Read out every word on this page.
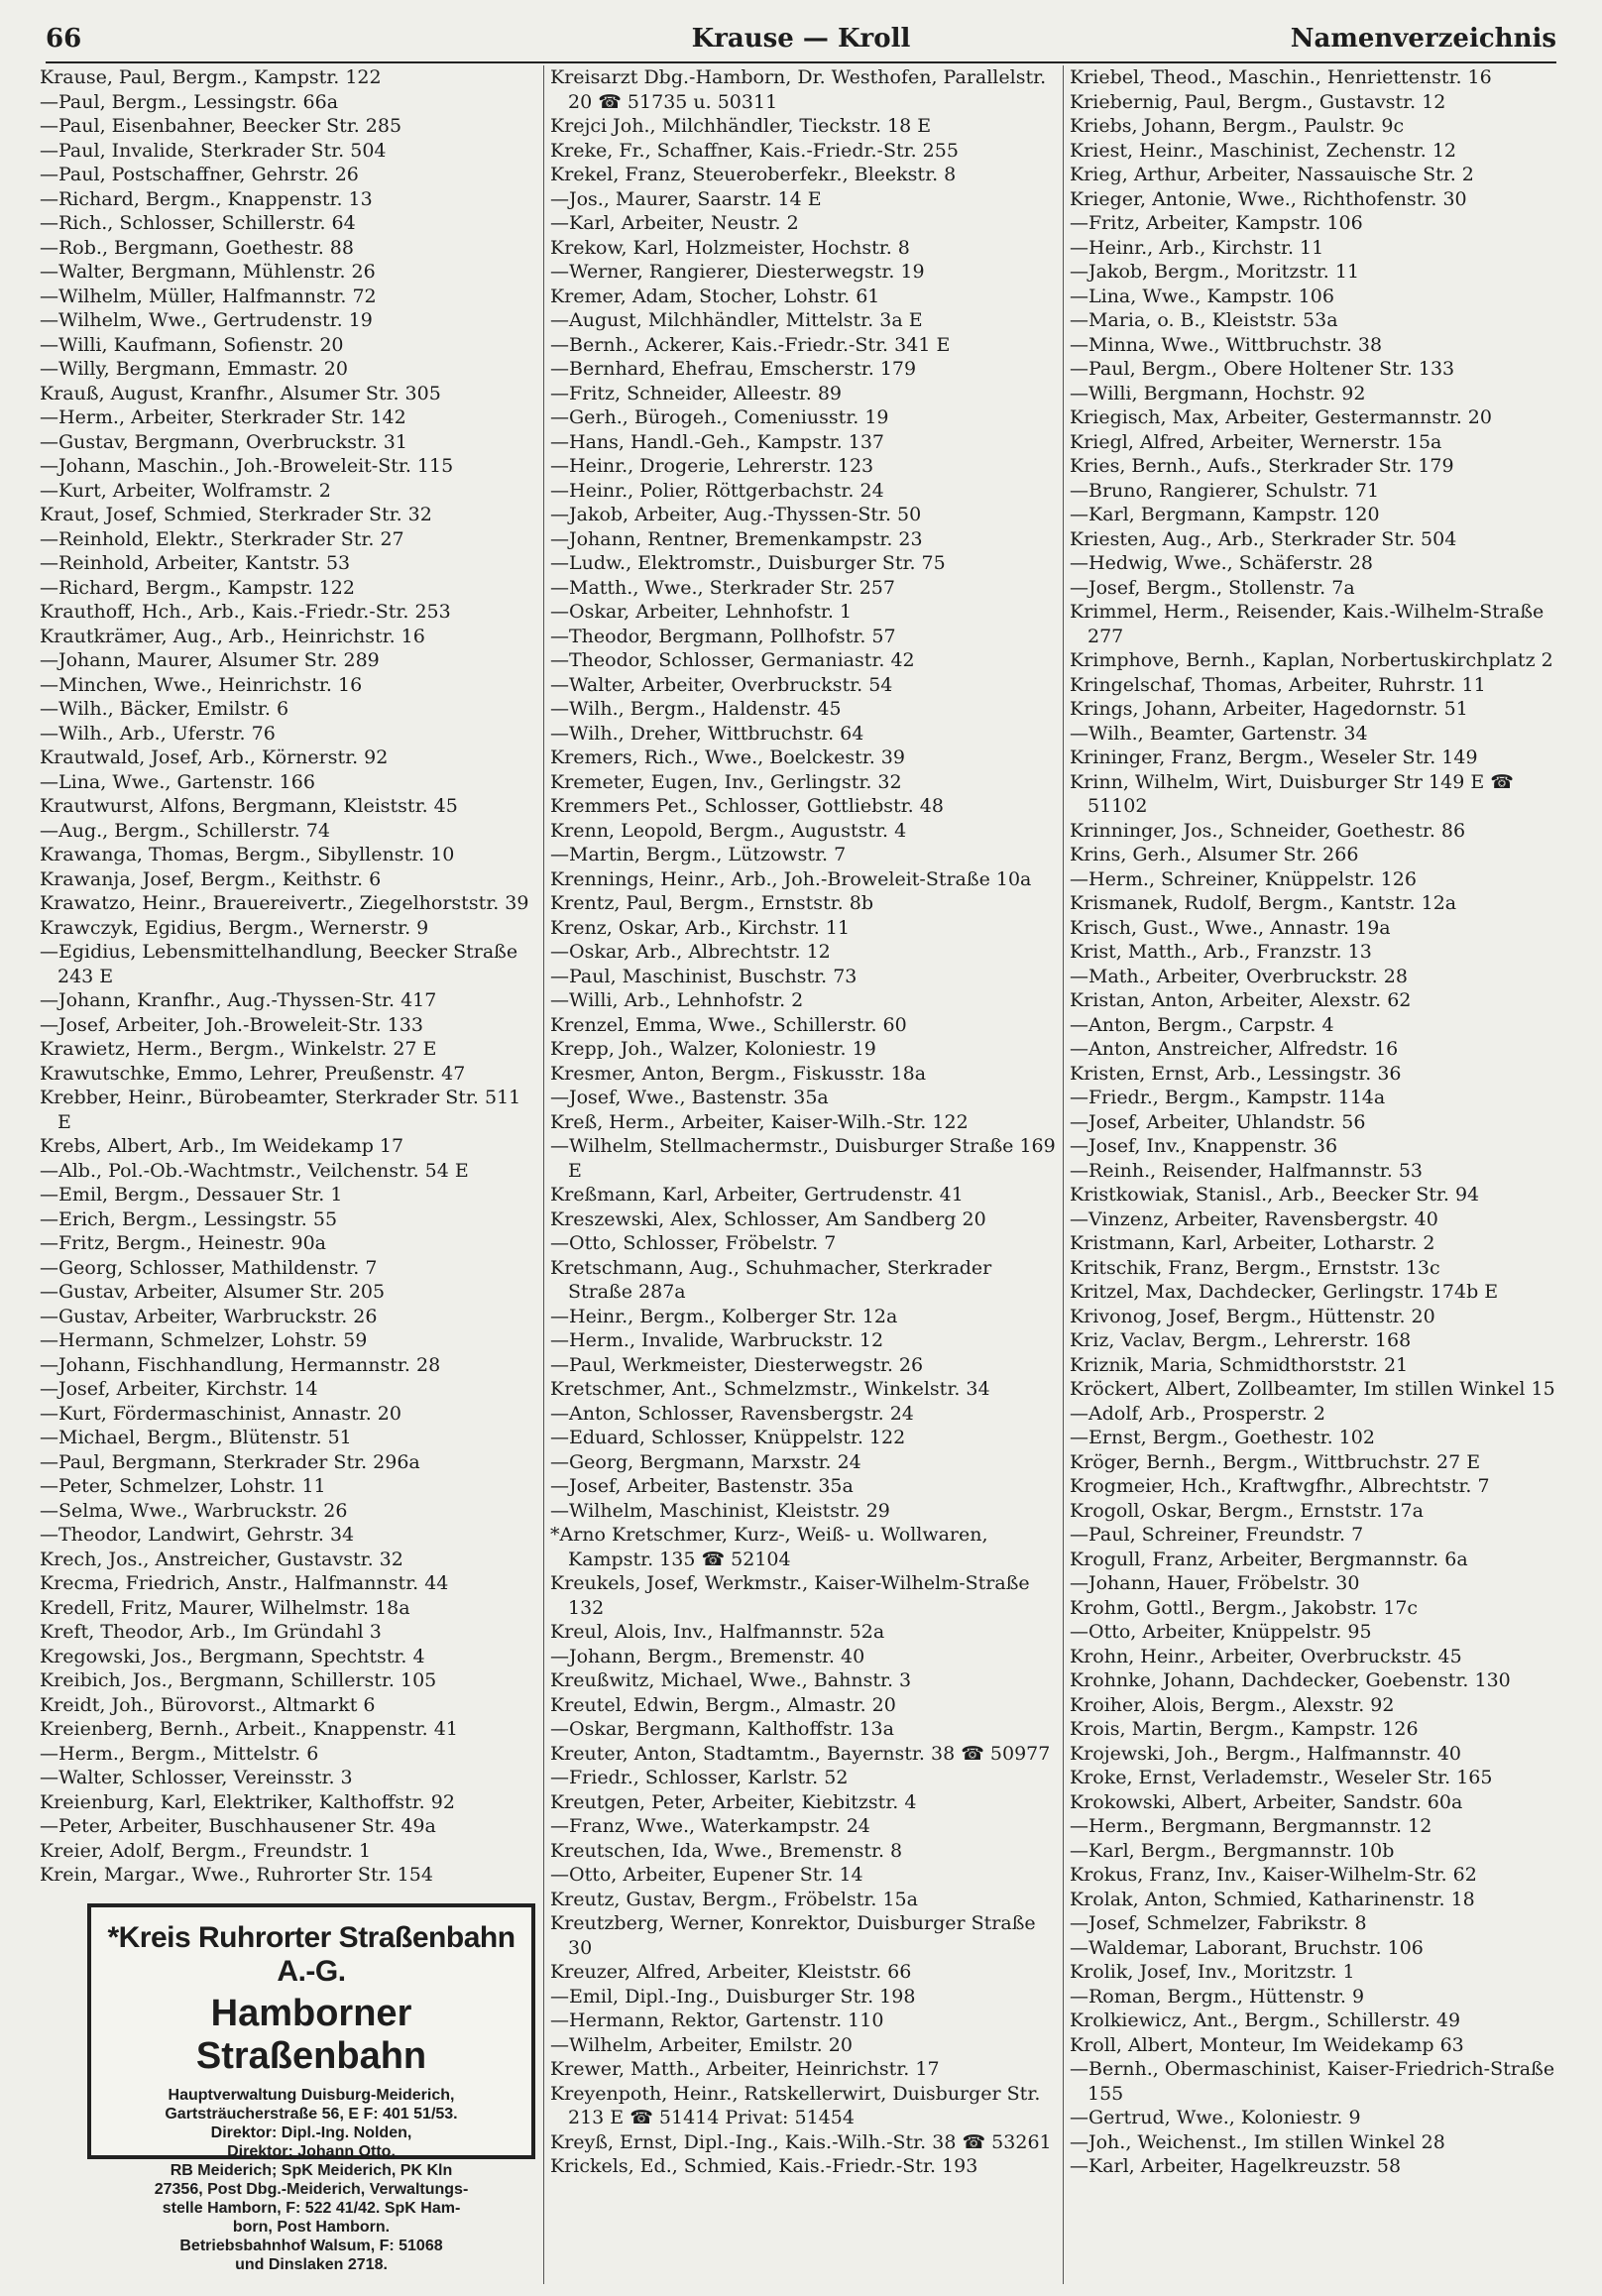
Krause — Kroll
66	Namenverzeichnis
Krause, Paul, Bergm., Kampstr. 122
—Paul, Bergm., Lessingstr. 66a
—Paul, Eisenbahner, Beecker Str. 285
—Paul, Invalide, Sterkrader Str. 504
—Paul, Postschaffner, Gehrstr. 26
—Richard, Bergm., Knappenstr. 13
—Rich., Schlosser, Schillerstr. 64
—Rob., Bergmann, Goethestr. 88
—Walter, Bergmann, Mühlenstr. 26
—Wilhelm, Müller, Halfmannstr. 72
—Wilhelm, Wwe., Gertrudenstr. 19
—Willi, Kaufmann, Sofienstr. 20
—Willy, Bergmann, Emmastr. 20
Krauß, August, Kranfhr., Alsumer Str. 305
—Herm., Arbeiter, Sterkrader Str. 142
—Gustav, Bergmann, Overbruckstr. 31
—Johann, Maschin., Joh.-Broweleit-Str. 115
—Kurt, Arbeiter, Wolframstr. 2
Kraut, Josef, Schmied, Sterkrader Str. 32
—Reinhold, Elektr., Sterkrader Str. 27
—Reinhold, Arbeiter, Kantstr. 53
—Richard, Bergm., Kampstr. 122
Krauthoff, Hch., Arb., Kais.-Friedr.-Str. 253
Krautkrämer, Aug., Arb., Heinrichstr. 16
—Johann, Maurer, Alsumer Str. 289
—Minchen, Wwe., Heinrichstr. 16
—Wilh., Bäcker, Emilstr. 6
—Wilh., Arb., Uferstr. 76
Krautwald, Josef, Arb., Körnerstr. 92
—Lina, Wwe., Gartenstr. 166
Krautwurst, Alfons, Bergmann, Kleiststr. 45
—Aug., Bergm., Schillerstr. 74
Krawanga, Thomas, Bergm., Sibyllenstr. 10
Krawanja, Josef, Bergm., Keithstr. 6
Krawatzo, Heinr., Brauereivertr., Ziegelhorststr. 39
Krawczyk, Egidius, Bergm., Wernerstr. 9
—Egidius, Lebensmittelhandlung, Beecker Straße 243 E
—Johann, Kranfhr., Aug.-Thyssen-Str. 417
—Josef, Arbeiter, Joh.-Broweleit-Str. 133
Krawietz, Herm., Bergm., Winkelstr. 27 E
Krawutschke, Emmo, Lehrer, Preußenstr. 47
Krebber, Heinr., Bürobeamter, Sterkrader Str. 511 E
Krebs, Albert, Arb., Im Weidekamp 17
—Alb., Pol.-Ob.-Wachtmstr., Veilchenstr. 54 E
—Emil, Bergm., Dessauer Str. 1
—Erich, Bergm., Lessingstr. 55
—Fritz, Bergm., Heinestr. 90a
—Georg, Schlosser, Mathildenstr. 7
—Gustav, Arbeiter, Alsumer Str. 205
—Gustav, Arbeiter, Warbruckstr. 26
—Hermann, Schmelzer, Lohstr. 59
—Johann, Fischhandlung, Hermannstr. 28
—Josef, Arbeiter, Kirchstr. 14
—Kurt, Fördermaschinist, Annastr. 20
—Michael, Bergm., Blütenstr. 51
—Paul, Bergmann, Sterkrader Str. 296a
—Peter, Schmelzer, Lohstr. 11
—Selma, Wwe., Warbruckstr. 26
—Theodor, Landwirt, Gehrstr. 34
Krech, Jos., Anstreicher, Gustavstr. 32
Krecma, Friedrich, Anstr., Halfmannstr. 44
Kredell, Fritz, Maurer, Wilhelmstr. 18a
Kreft, Theodor, Arb., Im Gründahl 3
Kregowski, Jos., Bergmann, Spechtstr. 4
Kreibich, Jos., Bergmann, Schillerstr. 105
Kreidt, Joh., Bürovorst., Altmarkt 6
Kreienberg, Bernh., Arbeit., Knappenstr. 41
—Herm., Bergm., Mittelstr. 6
—Walter, Schlosser, Vereinsstr. 3
Kreienburg, Karl, Elektriker, Kalthoffstr. 92
—Peter, Arbeiter, Buschhausener Str. 49a
Kreier, Adolf, Bergm., Freundstr. 1
Krein, Margar., Wwe., Ruhrorter Str. 154
Kreisarzt Dbg.-Hamborn, Dr. Westhofen, Parallelstr. 20 ☎ 51735 u. 50311
Krejci Joh., Milchhändler, Tieckstr. 18 E
Kreke, Fr., Schaffner, Kais.-Friedr.-Str. 255
Krekel, Franz, Steueroberfekr., Bleekstr. 8
—Jos., Maurer, Saarstr. 14 E
—Karl, Arbeiter, Neustr. 2
Krekow, Karl, Holzmeister, Hochstr. 8
—Werner, Rangierer, Diesterwegstr. 19
Kremer, Adam, Stocher, Lohstr. 61
—August, Milchhändler, Mittelstr. 3a E
—Bernh., Ackerer, Kais.-Friedr.-Str. 341 E
—Bernhard, Ehefrau, Emscherstr. 179
—Fritz, Schneider, Alleestr. 89
—Gerh., Bürogeh., Comeniusstr. 19
—Hans, Handl.-Geh., Kampstr. 137
—Heinr., Drogerie, Lehrerstr. 123
—Heinr., Polier, Röttgerbachstr. 24
—Jakob, Arbeiter, Aug.-Thyssen-Str. 50
—Johann, Rentner, Bremenkampstr. 23
—Ludw., Elektromstr., Duisburger Str. 75
—Matth., Wwe., Sterkrader Str. 257
—Oskar, Arbeiter, Lehnhofstr. 1
—Theodor, Bergmann, Pollhofstr. 57
—Theodor, Schlosser, Germaniastr. 42
—Walter, Arbeiter, Overbruckstr. 54
—Wilh., Bergm., Haldenstr. 45
—Wilh., Dreher, Wittbruchstr. 64
Kremers, Rich., Wwe., Boelckestr. 39
Kremeter, Eugen, Inv., Gerlingstr. 32
Kremmers Pet., Schlosser, Gottliebstr. 48
Krenn, Leopold, Bergm., Auguststr. 4
—Martin, Bergm., Lützowstr. 7
Krennings, Heinr., Arb., Joh.-Broweleit-Straße 10a
Krentz, Paul, Bergm., Ernststr. 8b
Krenz, Oskar, Arb., Kirchstr. 11
—Oskar, Arb., Albrechtstr. 12
—Paul, Maschinist, Buschstr. 73
—Willi, Arb., Lehnhofstr. 2
Krenzel, Emma, Wwe., Schillerstr. 60
Krepp, Joh., Walzer, Koloniestr. 19
Kresmer, Anton, Bergm., Fiskusstr. 18a
—Josef, Wwe., Bastenstr. 35a
Kreß, Herm., Arbeiter, Kaiser-Wilh.-Str. 122
—Wilhelm, Stellmachermstr., Duisburger Straße 169 E
Kreßmann, Karl, Arbeiter, Gertrudenstr. 41
Kreszewski, Alex, Schlosser, Am Sandberg 20
—Otto, Schlosser, Fröbelstr. 7
Kretschmann, Aug., Schuhmacher, Sterkrader Straße 287a
—Heinr., Bergm., Kolberger Str. 12a
—Herm., Invalide, Warbruckstr. 12
—Paul, Werkmeister, Diesterwegstr. 26
Kretschmer, Ant., Schmelzmstr., Winkelstr. 34
—Anton, Schlosser, Ravensbergstr. 24
—Eduard, Schlosser, Knüppelstr. 122
—Georg, Bergmann, Marxstr. 24
—Josef, Arbeiter, Bastenstr. 35a
—Wilhelm, Maschinist, Kleiststr. 29
*Arno Kretschmer, Kurz-, Weiß- u. Wollwaren, Kampstr. 135 ☎ 52104
Kreukels, Josef, Werkmstr., Kaiser-Wilhelm-Straße 132
Kreul, Alois, Inv., Halfmannstr. 52a
—Johann, Bergm., Bremenstr. 40
Kreußwitz, Michael, Wwe., Bahnstr. 3
Kreutel, Edwin, Bergm., Almastr. 20
—Oskar, Bergmann, Kalthoffstr. 13a
Kreuter, Anton, Stadtamtm., Bayernstr. 38 ☎ 50977
—Friedr., Schlosser, Karlstr. 52
Kreutgen, Peter, Arbeiter, Kiebitzstr. 4
—Franz, Wwe., Waterkampstr. 24
Kreutschen, Ida, Wwe., Bremenstr. 8
—Otto, Arbeiter, Eupener Str. 14
Kreutz, Gustav, Bergm., Fröbelstr. 15a
Kreutzberg, Werner, Konrektor, Duisburger Straße 30
Kreuzer, Alfred, Arbeiter, Kleiststr. 66
—Emil, Dipl.-Ing., Duisburger Str. 198
—Hermann, Rektor, Gartenstr. 110
—Wilhelm, Arbeiter, Emilstr. 20
Krewer, Matth., Arbeiter, Heinrichstr. 17
Kreyenpoth, Heinr., Ratskellerwirt, Duisburger Str. 213 E ☎ 51414 Privat: 51454
Kreyß, Ernst, Dipl.-Ing., Kais.-Wilh.-Str. 38 ☎ 53261
Krickels, Ed., Schmied, Kais.-Friedr.-Str. 193
Kriebel, Theod., Maschin., Henriettenstr. 16
Kriebernig, Paul, Bergm., Gustavstr. 12
Kriebs, Johann, Bergm., Paulstr. 9c
Kriest, Heinr., Maschinist, Zechenstr. 12
Krieg, Arthur, Arbeiter, Nassauische Str. 2
Krieger, Antonie, Wwe., Richthofenstr. 30
—Fritz, Arbeiter, Kampstr. 106
—Heinr., Arb., Kirchstr. 11
—Jakob, Bergm., Moritzstr. 11
—Lina, Wwe., Kampstr. 106
—Maria, o. B., Kleiststr. 53a
—Minna, Wwe., Wittbruchstr. 38
—Paul, Bergm., Obere Holtener Str. 133
—Willi, Bergmann, Hochstr. 92
Kriegisch, Max, Arbeiter, Gestermannstr. 20
Kriegl, Alfred, Arbeiter, Wernerstr. 15a
Kries, Bernh., Aufs., Sterkrader Str. 179
—Bruno, Rangierer, Schulstr. 71
—Karl, Bergmann, Kampstr. 120
Kriesten, Aug., Arb., Sterkrader Str. 504
—Hedwig, Wwe., Schäferstr. 28
—Josef, Bergm., Stollenstr. 7a
Krimmel, Herm., Reisender, Kais.-Wilhelm-Straße 277
Krimphove, Bernh., Kaplan, Norbertuskirchplatz 2
Kringelschaf, Thomas, Arbeiter, Ruhrstr. 11
Krings, Johann, Arbeiter, Hagedornstr. 51
—Wilh., Beamter, Gartenstr. 34
Krininger, Franz, Bergm., Weseler Str. 149
Krinn, Wilhelm, Wirt, Duisburger Str 149 E ☎ 51102
Krinninger, Jos., Schneider, Goethestr. 86
Krins, Gerh., Alsumer Str. 266
—Herm., Schreiner, Knüppelstr. 126
Krismanek, Rudolf, Bergm., Kantstr. 12a
Krisch, Gust., Wwe., Annastr. 19a
Krist, Matth., Arb., Franzstr. 13
—Math., Arbeiter, Overbruckstr. 28
Kristan, Anton, Arbeiter, Alexstr. 62
—Anton, Bergm., Carpstr. 4
—Anton, Anstreicher, Alfredstr. 16
Kristen, Ernst, Arb., Lessingstr. 36
—Friedr., Bergm., Kampstr. 114a
—Josef, Arbeiter, Uhlandstr. 56
—Josef, Inv., Knappenstr. 36
—Reinh., Reisender, Halfmannstr. 53
Kristkowiak, Stanisl., Arb., Beecker Str. 94
—Vinzenz, Arbeiter, Ravensbergstr. 40
Kristmann, Karl, Arbeiter, Lotharstr. 2
Kritschik, Franz, Bergm., Ernststr. 13c
Kritzel, Max, Dachdecker, Gerlingstr. 174b E
Krivonog, Josef, Bergm., Hüttenstr. 20
Kriz, Vaclav, Bergm., Lehrerstr. 168
Kriznik, Maria, Schmidthorststr. 21
Kröckert, Albert, Zollbeamter, Im stillen Winkel 15
—Adolf, Arb., Prosperstr. 2
—Ernst, Bergm., Goethestr. 102
Kröger, Bernh., Bergm., Wittbruchstr. 27 E
Krogmeier, Hch., Kraftwgfhr., Albrechtstr. 7
Krogoll, Oskar, Bergm., Ernststr. 17a
—Paul, Schreiner, Freundstr. 7
Krogull, Franz, Arbeiter, Bergmannstr. 6a
—Johann, Hauer, Fröbelstr. 30
Krohm, Gottl., Bergm., Jakobstr. 17c
—Otto, Arbeiter, Knüppelstr. 95
Krohn, Heinr., Arbeiter, Overbruckstr. 45
Krohnke, Johann, Dachdecker, Goebenstr. 130
Kroiher, Alois, Bergm., Alexstr. 92
Krois, Martin, Bergm., Kampstr. 126
Krojewski, Joh., Bergm., Halfmannstr. 40
Kroke, Ernst, Verlademstr., Weseler Str. 165
Krokowski, Albert, Arbeiter, Sandstr. 60a
—Herm., Bergmann, Bergmannstr. 12
—Karl, Bergm., Bergmannstr. 10b
Krokus, Franz, Inv., Kaiser-Wilhelm-Str. 62
Krolak, Anton, Schmied, Katharinenstr. 18
—Josef, Schmelzer, Fabrikstr. 8
—Waldemar, Laborant, Bruchstr. 106
Krolik, Josef, Inv., Moritzstr. 1
—Roman, Bergm., Hüttenstr. 9
Krolkiewicz, Ant., Bergm., Schillerstr. 49
Kroll, Albert, Monteur, Im Weidekamp 63
—Bernh., Obermaschinist, Kaiser-Friedrich-Straße 155
—Gertrud, Wwe., Koloniestr. 9
—Joh., Weichenst., Im stillen Winkel 28
—Karl, Arbeiter, Hagelkreuzstr. 58
*Kreis Ruhrorter Straßenbahn A.-G.
Hamborner Straßenbahn
Hauptverwaltung Duisburg-Meiderich,
Gartsträucherstraße 56, E F: 401 51/53.
Direktor: Dipl.-Ing. Nolden,
Direktor: Johann Otto.
RB Meiderich; SpK Meiderich, PK Kln
27356, Post Dbg.-Meiderich, Verwaltungs-
stelle Hamborn, F: 522 41/42. SpK Ham-
born, Post Hamborn.
Betriebsbahnhof Walsum, F: 51068
und Dinslaken 2718.
